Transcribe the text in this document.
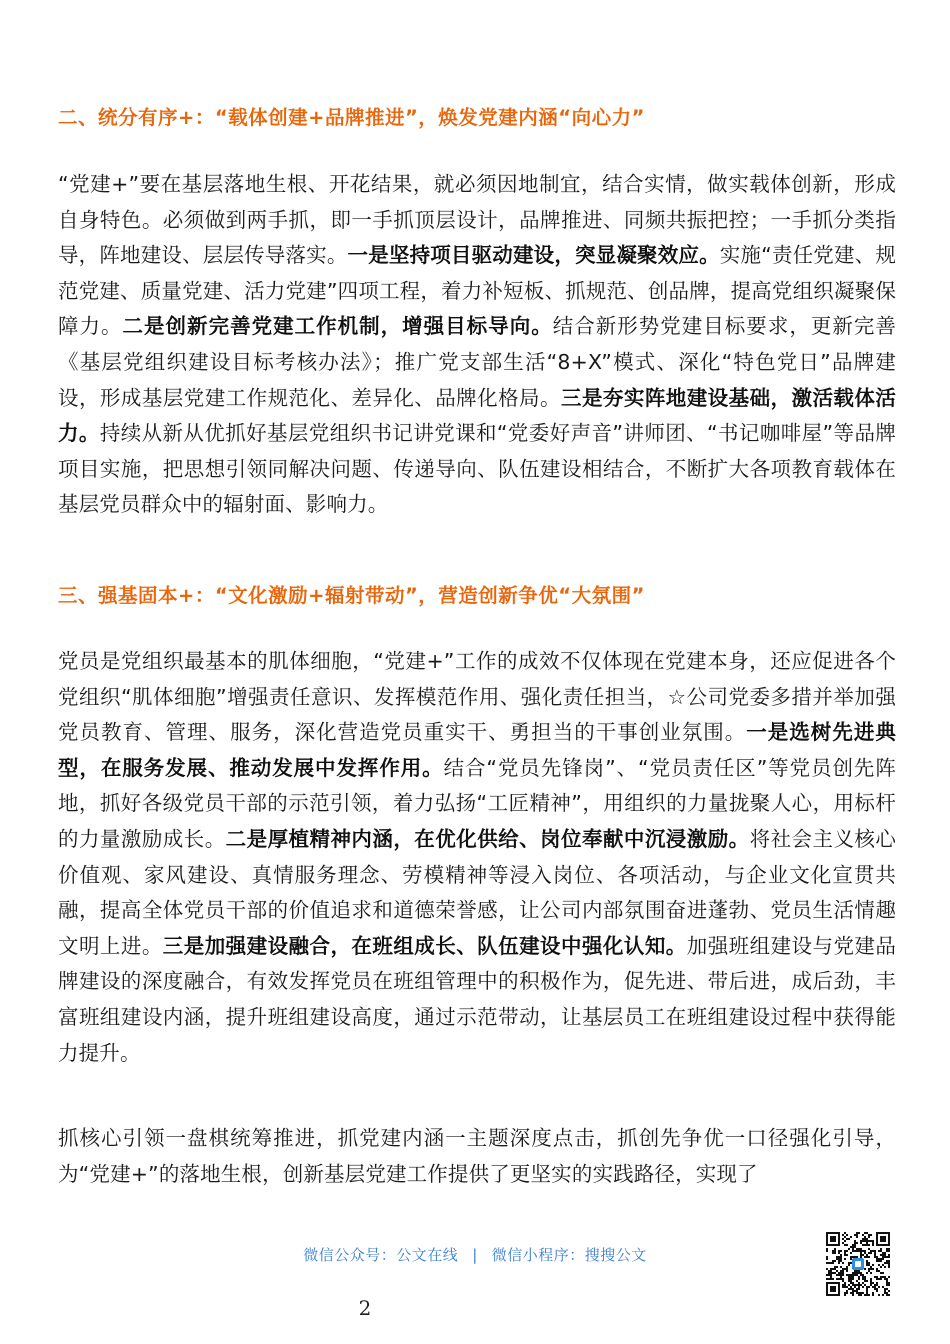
二、统分有序+：“载体创建+品牌推进”，焕发党建内涵“向心力”
“党建+”要在基层落地生根、开花结果，就必须因地制宜，结合实情，做实载体创新，形成自身特色。必须做到两手抓，即一手抓顶层设计，品牌推进、同频共振把控；一手抓分类指导，阵地建设、层层传导落实。一是坚持项目驱动建设，突显凝聚效应。实施“责任党建、规范党建、质量党建、活力党建”四项工程，着力补短板、抓规范、创品牌，提高党组织凝聚保障力。二是创新完善党建工作机制，增强目标导向。结合新形势党建目标要求，更新完善《基层党组织建设目标考核办法》；推广党支部生活“8+X”模式、深化“特色党日”品牌建设，形成基层党建工作规范化、差异化、品牌化格局。三是夯实阵地建设基础，激活载体活力。持续从新从优抓好基层党组织书记讲党课和“党委好声音”讲师团、“书记咖啡屋”等品牌项目实施，把思想引领同解决问题、传递导向、队伍建设相结合，不断扩大各项教育载体在基层党员群众中的辐射面、影响力。
三、强基固本+：“文化激励+辐射带动”，营造创新争优“大氛围”
党员是党组织最基本的肌体细胞，“党建+”工作的成效不仅体现在党建本身，还应促进各个党组织“肌体细胞”增强责任意识、发挥模范作用、强化责任担当，☆公司党委多措并举加强党员教育、管理、服务，深化营造党员重实干、勇担当的干事创业氛围。一是选树先进典型，在服务发展、推动发展中发挥作用。结合“党员先锋岗”、“党员责任区”等党员创先阵地，抓好各级党员干部的示范引领，着力弘扬“工匠精神”，用组织的力量拢聚人心，用标杆的力量激励成长。二是厚植精神内涵，在优化供给、岗位奉献中沉浸激励。将社会主义核心价值观、家风建设、真情服务理念、劳模精神等浸入岗位、各项活动，与企业文化宣贯共融，提高全体党员干部的价值追求和道德荣誉感，让公司内部氛围奋进蓬勃、党员生活情趣文明上进。三是加强建设融合，在班组成长、队伍建设中强化认知。加强班组建设与党建品牌建设的深度融合，有效发挥党员在班组管理中的积极作为，促先进、带后进，成后劲，丰富班组建设内涵，提升班组建设高度，通过示范带动，让基层员工在班组建设过程中获得能力提升。
抓核心引领一盘棋统筹推进，抓党建内涵一主题深度点击，抓创先争优一口径强化引导，为“党建+”的落地生根，创新基层党建工作提供了更坚实的实践路径，实现了
微信公众号：公文在线 | 微信小程序：搜搜公文
2
